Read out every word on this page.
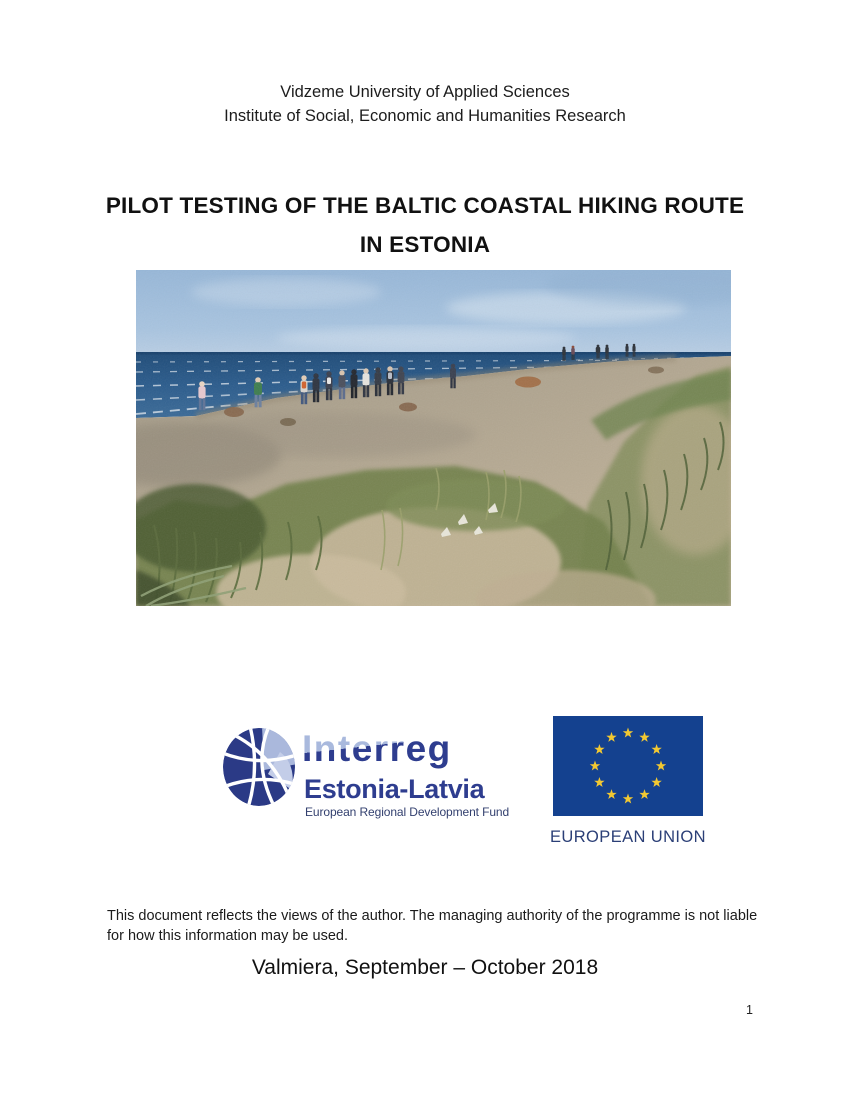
Vidzeme University of Applied Sciences
Institute of Social, Economic and Humanities Research
PILOT TESTING OF THE BALTIC COASTAL HIKING ROUTE
IN ESTONIA
Interreg
Estonia-Latvia
European Regional Development Fund
EUROPEAN UNION

This document reflects the views of the author. The managing authority of the programme is not liable for how this information may be used.

Valmiera, September – October 2018
1
